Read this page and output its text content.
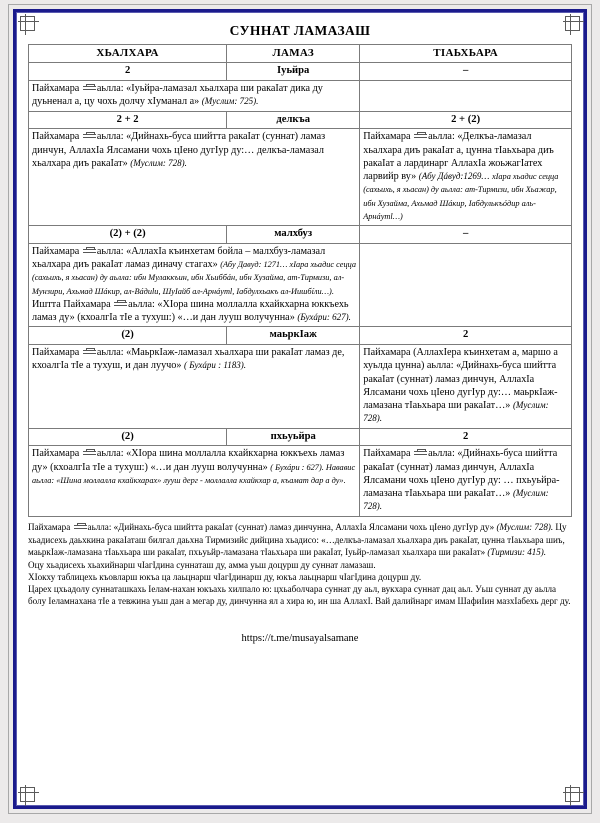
СУННАТ ЛАМАЗАШ
ХЬАЛХАРА	ЛАМАЗ	ТIАЬХЬАРА
2	Iуьйра	–
Пайхамара аьлла: «Iуьйра-ламазал хьалхара ши ракаIат дика ду дуьненал а, цу чохь долчу хIуманал а» (Муслим: 725).		
2 + 2	делкъа	2 + (2)
Пайхамара аьлла: «Дийнахь-буса шийтта ракаIат (суннат) ламаз динчун, АллахIа Ялсамани чохь цIено дугIур ду:… делкъа-ламазал хьалхара диъ ракаIат» (Муслим: 728).		Пайхамара аьлла: «Делкъа-ламазал хьалхара диъ ракаIат а, цунна тIаьхьара диъ ракаIат а лардинарг АллахIа жоьжагIатех ларвийр ву» (Абу Дáвуд:1269… хIара хьадис сецца (сахьихь, я хьасан) ду аьлла: ат-Тирмизи, ибн Хьажар, ибн Хузайма, Ахьмад Шáкир, Iабдулькъóдир аль-Арнáутl…)
(2) + (2)	малхбуз	–
Пайхамара аьлла: «АллахIа къинхетам бойла – малхбуз-ламазал хьалхара диъ ракаIат ламаз диначу стагах» (Абу Давуд: 1271… хIара хьадис сецца (сахьихь, я хьасан) ду аьлла: ибн Мулаккъин, ибн Хьиббáн, ибн Хузайма, ат-Тирмизи, ал-Мунзири, Ахьмад Шáкир, ал-Вáдиlи, ШуIайб ал-Арнáутl, Iабдулхьакъ ал-Иишбíли…). Иштта Пайхамара аьлла: «ХIора шина моллалла кхайкхарна юккъехь ламаз ду» (кхоалгIа тIе а тухуш:) «…и дан лууш волучунна» (Бухáри: 627).		
(2)	маьркIаж	2
Пайхамара аьлла: «МаьркIаж-ламазал хьалхара ши ракаIат ламаз де, кхоалгIа тIе а тухуш, и дан луучо» ( Бухáри : 1183).		Пайхамара (АллахIера къинхетам а, маршо а хуьлда цунна) аьлла: «Дийнахь-буса шийтта ракаIат (суннат) ламаз динчун, АллахIа Ялсамани чохь цIено дугIур ду:… маьркIаж-ламазана тIаьхьара ши ракаIат…» (Муслим: 728).
(2)	пхьуьйра	2
Пайхамара аьлла: «ХIора шина моллалла кхайкхарна юккъехь ламаз ду» (кхоалгIа тIе а тухуш:) «…и дан лууш волучунна» ( Бухáри : 627). Нававис аьлла: «Шина моллалла кхайкхарах» лууш дерг - моллалла кхайкхар а, къамат дар а ду».		Пайхамара аьлла: «Дийнахь-буса шийтта ракаIат (суннат) ламаз динчун, АллахIа Ялсамани чохь цIено дугIур ду: … пхьуьйра-ламазана тIаьхьара ши ракаIат…» (Муслим: 728).

Пайхамара аьлла: «Дийнахь-буса шийтта ракаIат (суннат) ламаз динчунна, АллахIа Ялсамани чохь цIено дугIур ду» (Муслим: 728). Цу хьадисехь даьхкина ракаIаташ билгал даьхна Тирмизийс дийцина хьадисо: «…делкъа-ламазал хьалхара диъ ракаIат, цунна тIаьхьара шиъ, маьркIаж-ламазана тIаьхьара ши ракаIат, пхьуьйр-ламазана тIаьхьара ши ракаIат, Iуьйр-ламазал хьалхара ши ракаIат» (Тирмизи: 415).

Оцу хьадисехь хьахийнарш чIагIдина суннаташ ду, амма уьш доцурш ду суннат ламазаш.

ХIокху таблицехь къовларш юкъа ца лаьцнарш чIагIдинарш ду, юкъа лаьцнарш чIагIдина доцурш ду.

Царех цхьадолу суннаташкахь Iелам-нахан юкъахь хилпало ю: цхьаболчара суннат ду аьл, вукхара суннат дац аьл. Уьш суннат ду аьлла болу Iеламнахана тIе а тевжина уьш дан а мегар ду, динчунна ял а хира ю, ин ша АллахI. Вай далийнарг имам ШафиIин мазхIабехь дерг ду.

https://t.me/musayalsamane
